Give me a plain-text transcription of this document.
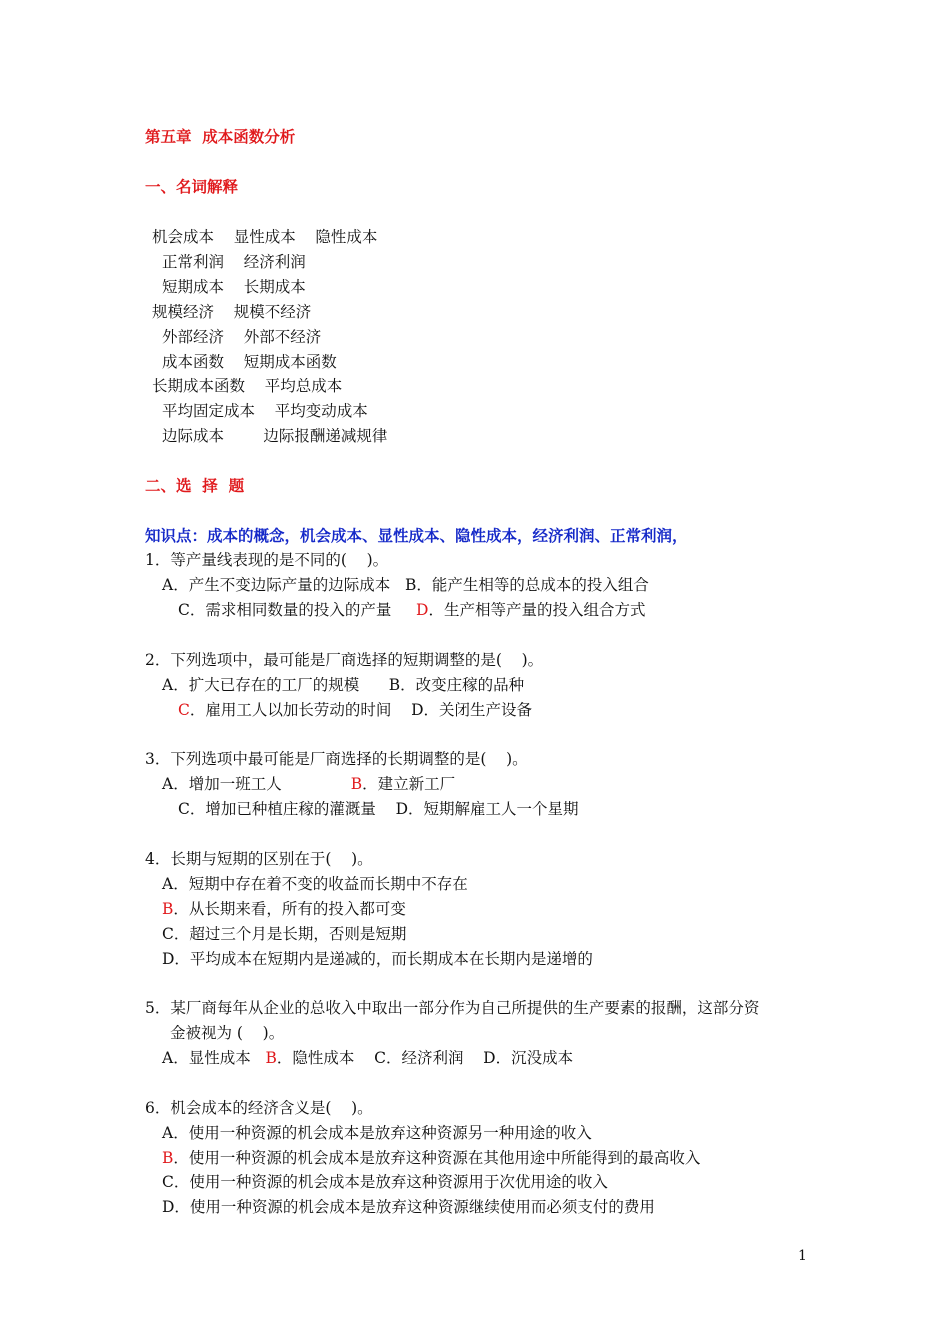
第五章  成本函数分析
一、名词解释
机会成本    显性成本    隐性成本
正常利润    经济利润
短期成本    长期成本
规模经济    规模不经济
外部经济    外部不经济
成本函数    短期成本函数
长期成本函数    平均总成本
平均固定成本    平均变动成本
边际成本        边际报酬递减规律
二、选  择  题
知识点：成本的概念，机会成本、显性成本、隐性成本，经济利润、正常利润，
1．等产量线表现的是不同的(    )。
A．产生不变边际产量的边际成本   B．能产生相等的总成本的投入组合
C．需求相同数量的投入的产量     D．生产相等产量的投入组合方式
2．下列选项中，最可能是厂商选择的短期调整的是(    )。
A．扩大已存在的工厂的规模      B．改变庄稼的品种
C．雇用工人以加长劳动的时间    D．关闭生产设备
3．下列选项中最可能是厂商选择的长期调整的是(    )。
A．增加一班工人              B．建立新工厂
C．增加已种植庄稼的灌溉量    D．短期解雇工人一个星期
4．长期与短期的区别在于(    )。
A．短期中存在着不变的收益而长期中不存在
B．从长期来看，所有的投入都可变
C．超过三个月是长期，否则是短期
D．平均成本在短期内是递减的，而长期成本在长期内是递增的
5．某厂商每年从企业的总收入中取出一部分作为自己所提供的生产要素的报酬，这部分资
金被视为 (    )。
A．显性成本   B．隐性成本    C．经济利润    D．沉没成本
6．机会成本的经济含义是(    )。
A．使用一种资源的机会成本是放弃这种资源另一种用途的收入
B．使用一种资源的机会成本是放弃这种资源在其他用途中所能得到的最高收入
C．使用一种资源的机会成本是放弃这种资源用于次优用途的收入
D．使用一种资源的机会成本是放弃这种资源继续使用而必须支付的费用
1
